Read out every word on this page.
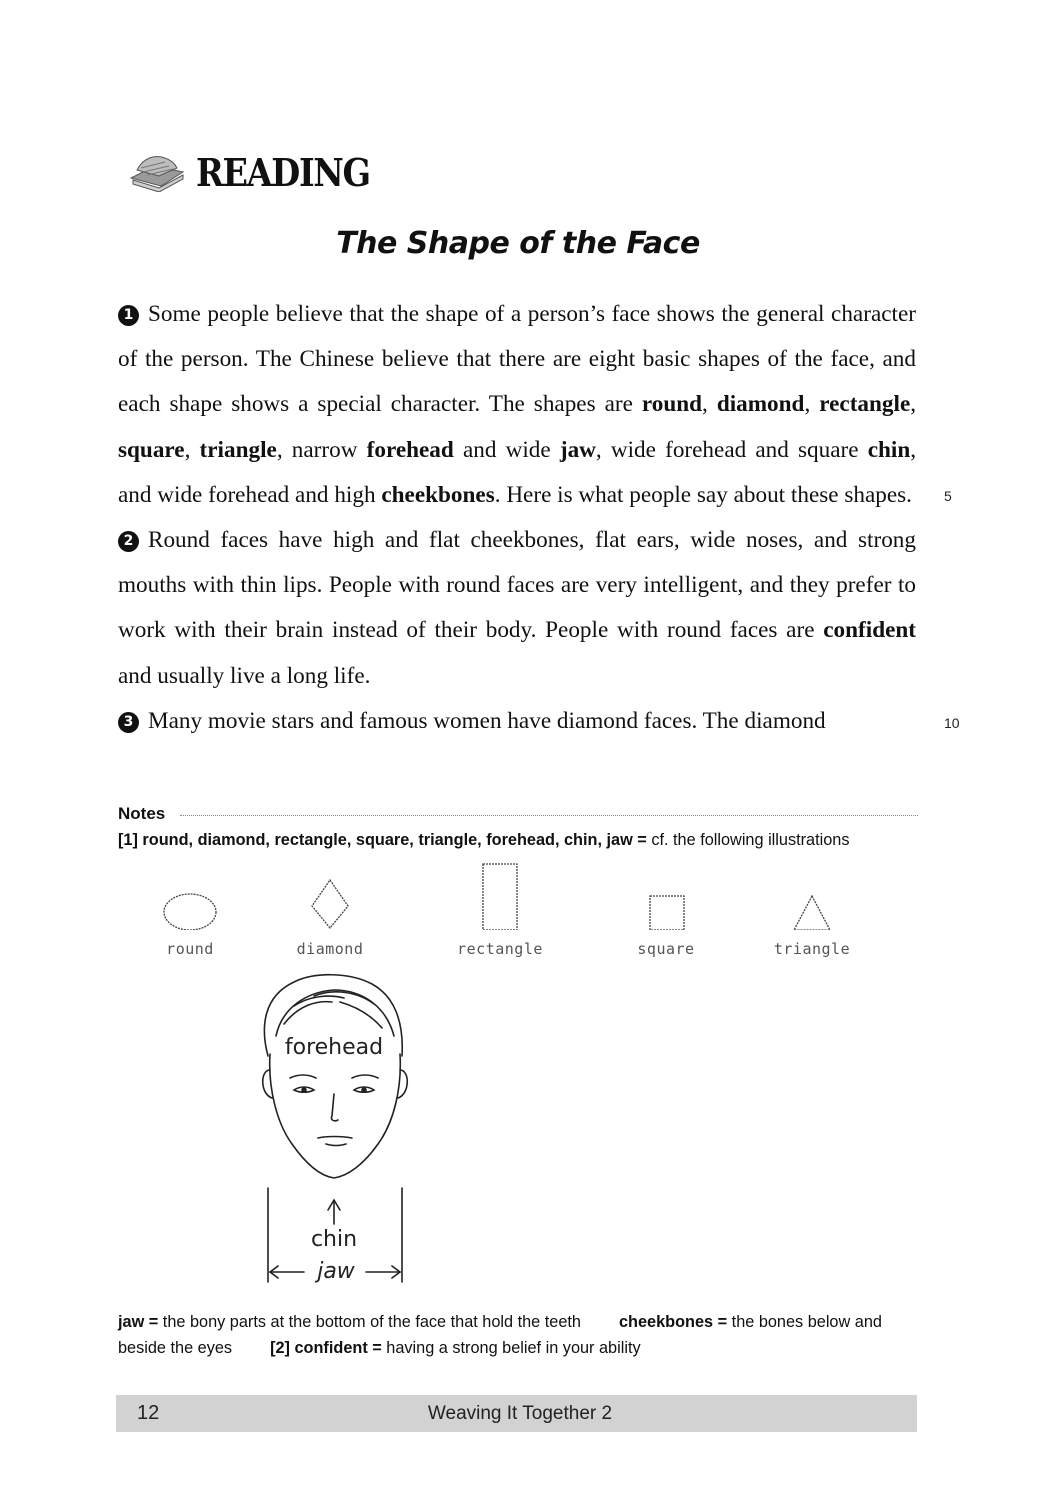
READING
The Shape of the Face

1 Some people believe that the shape of a person’s face shows the general character of the person. The Chinese believe that there are eight basic shapes of the face, and each shape shows a special character. The shapes are round, diamond, rectangle, square, triangle, narrow forehead and wide jaw, wide forehead and square chin, and wide forehead and high cheekbones. Here is what people say about these shapes.

2 Round faces have high and flat cheekbones, flat ears, wide noses, and strong mouths with thin lips. People with round faces are very intelligent, and they prefer to work with their brain instead of their body. People with round faces are confident and usually live a long life.

3 Many movie stars and famous women have diamond faces. The diamond

5
10
Notes
[1] round, diamond, rectangle, square, triangle, forehead, chin, jaw = cf. the following illustrations
round	diamond	rectangle	square	triangle
forehead
chin
jaw
jaw = the bony parts at the bottom of the face that hold the teeth cheekbones = the bones below and beside the eyes [2] confident = having a strong belief in your ability
12	Weaving It Together 2
